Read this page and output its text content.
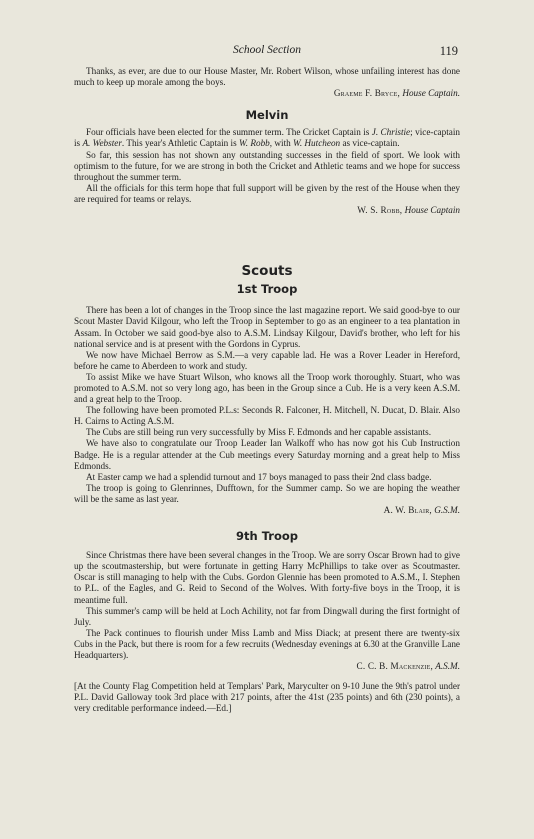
School Section	119

Thanks, as ever, are due to our House Master, Mr. Robert Wilson, whose unfailing interest has done much to keep up morale among the boys.

Graeme F. Bryce, House Captain.
Melvin

Four officials have been elected for the summer term. The Cricket Captain is J. Christie; vice-captain is A. Webster. This year's Athletic Captain is W. Robb, with W. Hutcheon as vice-captain.

So far, this session has not shown any outstanding successes in the field of sport. We look with optimism to the future, for we are strong in both the Cricket and Athletic teams and we hope for success throughout the summer term.

All the officials for this term hope that full support will be given by the rest of the House when they are required for teams or relays.

W. S. Robb, House Captain
Scouts
1st Troop

There has been a lot of changes in the Troop since the last magazine report. We said good-bye to our Scout Master David Kilgour, who left the Troop in September to go as an engineer to a tea plantation in Assam. In October we said good-bye also to A.S.M. Lindsay Kilgour, David's brother, who left for his national service and is at present with the Gordons in Cyprus.

We now have Michael Berrow as S.M.—a very capable lad. He was a Rover Leader in Hereford, before he came to Aberdeen to work and study.

To assist Mike we have Stuart Wilson, who knows all the Troop work thoroughly. Stuart, who was promoted to A.S.M. not so very long ago, has been in the Group since a Cub. He is a very keen A.S.M. and a great help to the Troop.

The following have been promoted P.L.s: Seconds R. Falconer, H. Mitchell, N. Ducat, D. Blair. Also H. Cairns to Acting A.S.M.

The Cubs are still being run very successfully by Miss F. Edmonds and her capable assistants.

We have also to congratulate our Troop Leader Ian Walkoff who has now got his Cub Instruction Badge. He is a regular attender at the Cub meetings every Saturday morning and a great help to Miss Edmonds.

At Easter camp we had a splendid turnout and 17 boys managed to pass their 2nd class badge.

The troop is going to Glenrinnes, Dufftown, for the Summer camp. So we are hoping the weather will be the same as last year.

A. W. Blair, G.S.M.
9th Troop

Since Christmas there have been several changes in the Troop. We are sorry Oscar Brown had to give up the scoutmastership, but were fortunate in getting Harry McPhillips to take over as Scoutmaster. Oscar is still managing to help with the Cubs. Gordon Glennie has been promoted to A.S.M., I. Stephen to P.L. of the Eagles, and G. Reid to Second of the Wolves. With forty-five boys in the Troop, it is meantime full.

This summer's camp will be held at Loch Achility, not far from Dingwall during the first fortnight of July.

The Pack continues to flourish under Miss Lamb and Miss Diack; at present there are twenty-six Cubs in the Pack, but there is room for a few recruits (Wednesday evenings at 6.30 at the Granville Lane Headquarters).

C. C. B. Mackenzie, A.S.M.

[At the County Flag Competition held at Templars' Park, Maryculter on 9-10 June the 9th's patrol under P.L. David Galloway took 3rd place with 217 points, after the 41st (235 points) and 6th (230 points), a very creditable performance indeed.—Ed.]
